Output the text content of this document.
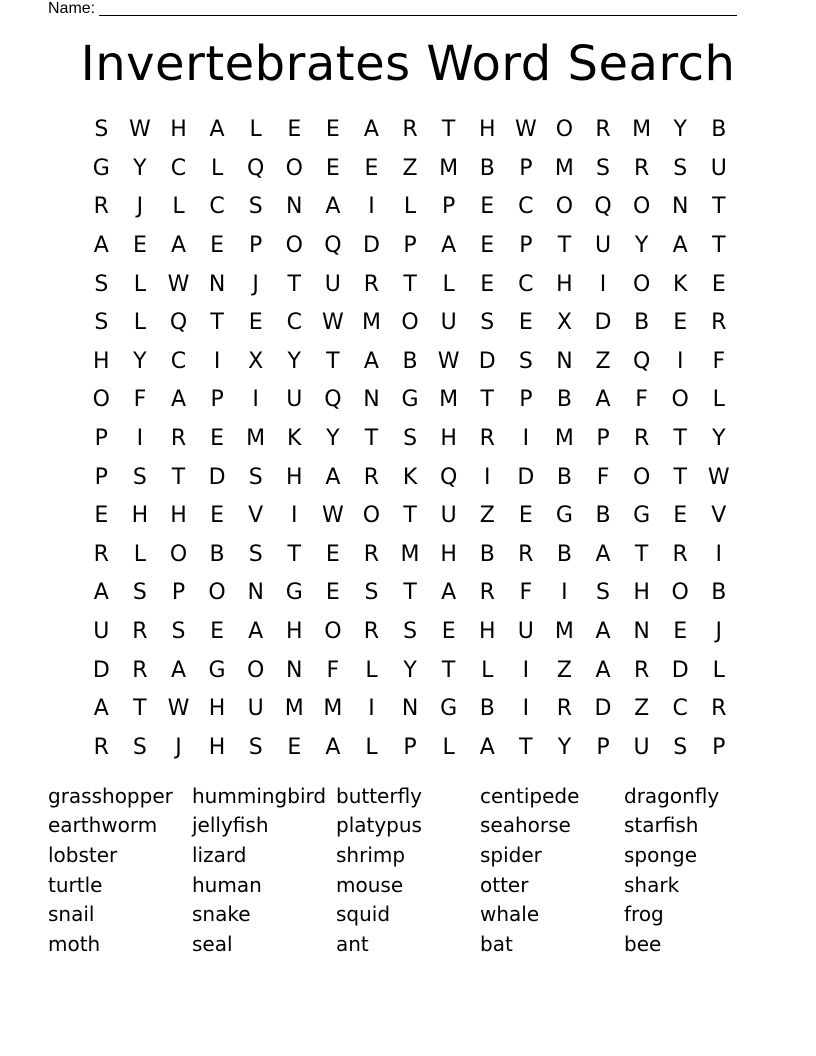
Name:
Invertebrates Word Search
S W H	A	L	E	E	A	R	T	H W O	R M	Y	B
G	Y	C	L	Q O	E	E	Z M B	P	M	S	R	S	U
R	J	L	C	S	N	A	I	L	P	E	C	O Q O N	T
A	E	A	E	P	O Q D	P	A	E	P	T	U	Y	A	T
S	L W N	J	T	U	R	T	L	E	C	H	I	O	K	E
S	L	Q	T	E	C W M O U	S	E	X	D	B	E	R
H	Y	C	I	X	Y	T	A	B W D	S	N	Z	Q	I	F
O	F	A	P	I	U Q N G M	T	P	B	A	F	O	L
P	I	R	E	M K	Y	T	S	H	R	I	M	P	R	T	Y
P	S	T	D	S	H	A	R	K	Q	I	D	B	F	O	T W
E	H	H	E	V	I	W O	T	U	Z	E	G	B	G	E	V
R	L	O	B	S	T	E	R M H	B	R	B	A	T	R	I
A	S	P	O N G	E	S	T	A	R	F	I	S	H O	B
U	R	S	E	A	H O	R	S	E	H	U M A	N	E	J
D	R	A	G O N	F	L	Y	T	L	I	Z	A	R	D	L
A	T W H	U M M	I	N G	B	I	R	D	Z	C	R
R	S	J	H	S	E	A	L	P	L	A	T	Y	P	U	S	P
grasshopper hummingbird butterfly	centipede	dragonfly
earthworm	jellyfish	platypus	seahorse	starfish
lobster	lizard	shrimp	spider	sponge
turtle	human	mouse	otter	shark
snail	snake	squid	whale	frog
moth	seal	ant	bat	bee
